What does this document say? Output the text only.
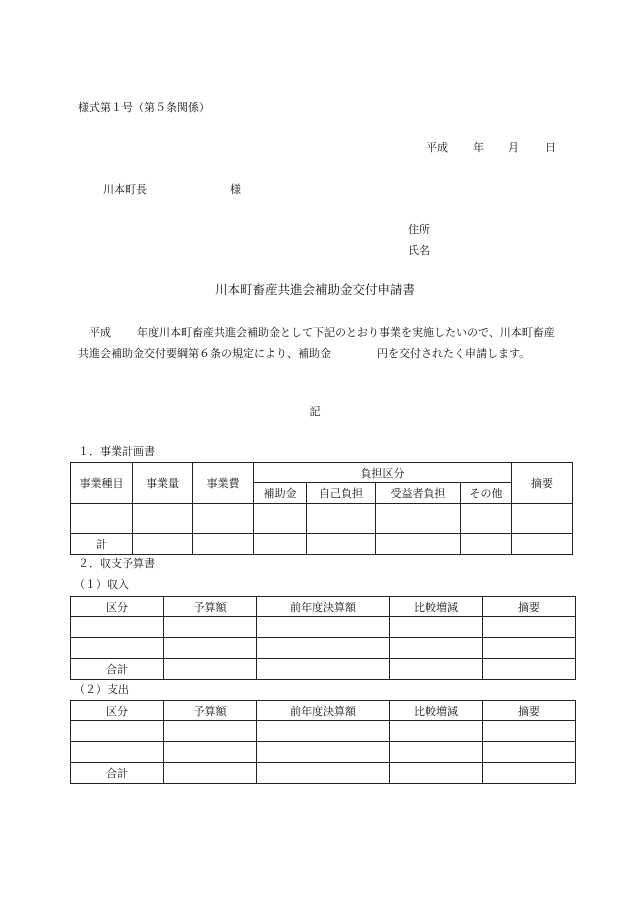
様式第１号（第５条関係）
平成 年 月 日
川本町長	様
住所
氏名
川本町畜産共進会補助金交付申請書
平成 年度川本町畜産共進会補助金として下記のとおり事業を実施したいので、川本町畜産共進会補助金交付要綱第６条の規定により、補助金	円を交付されたく申請します。
記
１．事業計画書
事業種目	事業量	事業費	負担区分				摘要
			補助金	自己負担	受益者負担	その他	

計							
２．収支予算書
（１）収入
区分	予算額	前年度決算額	比較増減	摘要

合計				
（２）支出
区分	予算額	前年度決算額	比較増減	摘要

合計				
